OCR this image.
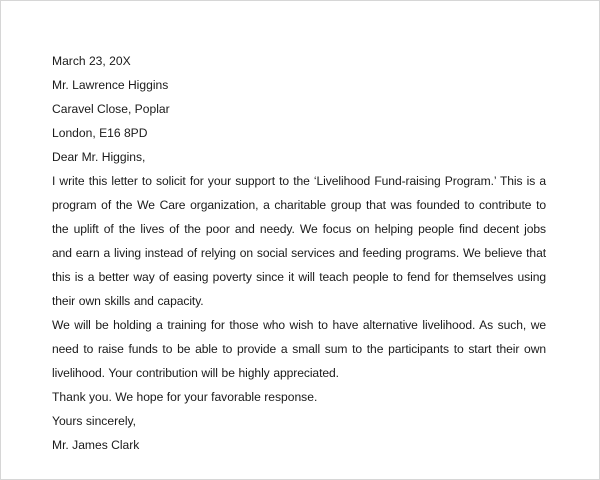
March 23, 20X
Mr. Lawrence Higgins
Caravel Close, Poplar
London, E16 8PD
Dear Mr. Higgins,
I write this letter to solicit for your support to the ‘Livelihood Fund-raising Program.’ This is a program of the We Care organization, a charitable group that was founded to contribute to the uplift of the lives of the poor and needy. We focus on helping people find decent jobs and earn a living instead of relying on social services and feeding programs. We believe that this is a better way of easing poverty since it will teach people to fend for themselves using their own skills and capacity.
We will be holding a training for those who wish to have alternative livelihood. As such, we need to raise funds to be able to provide a small sum to the participants to start their own livelihood. Your contribution will be highly appreciated.
Thank you. We hope for your favorable response.
Yours sincerely,
Mr. James Clark
